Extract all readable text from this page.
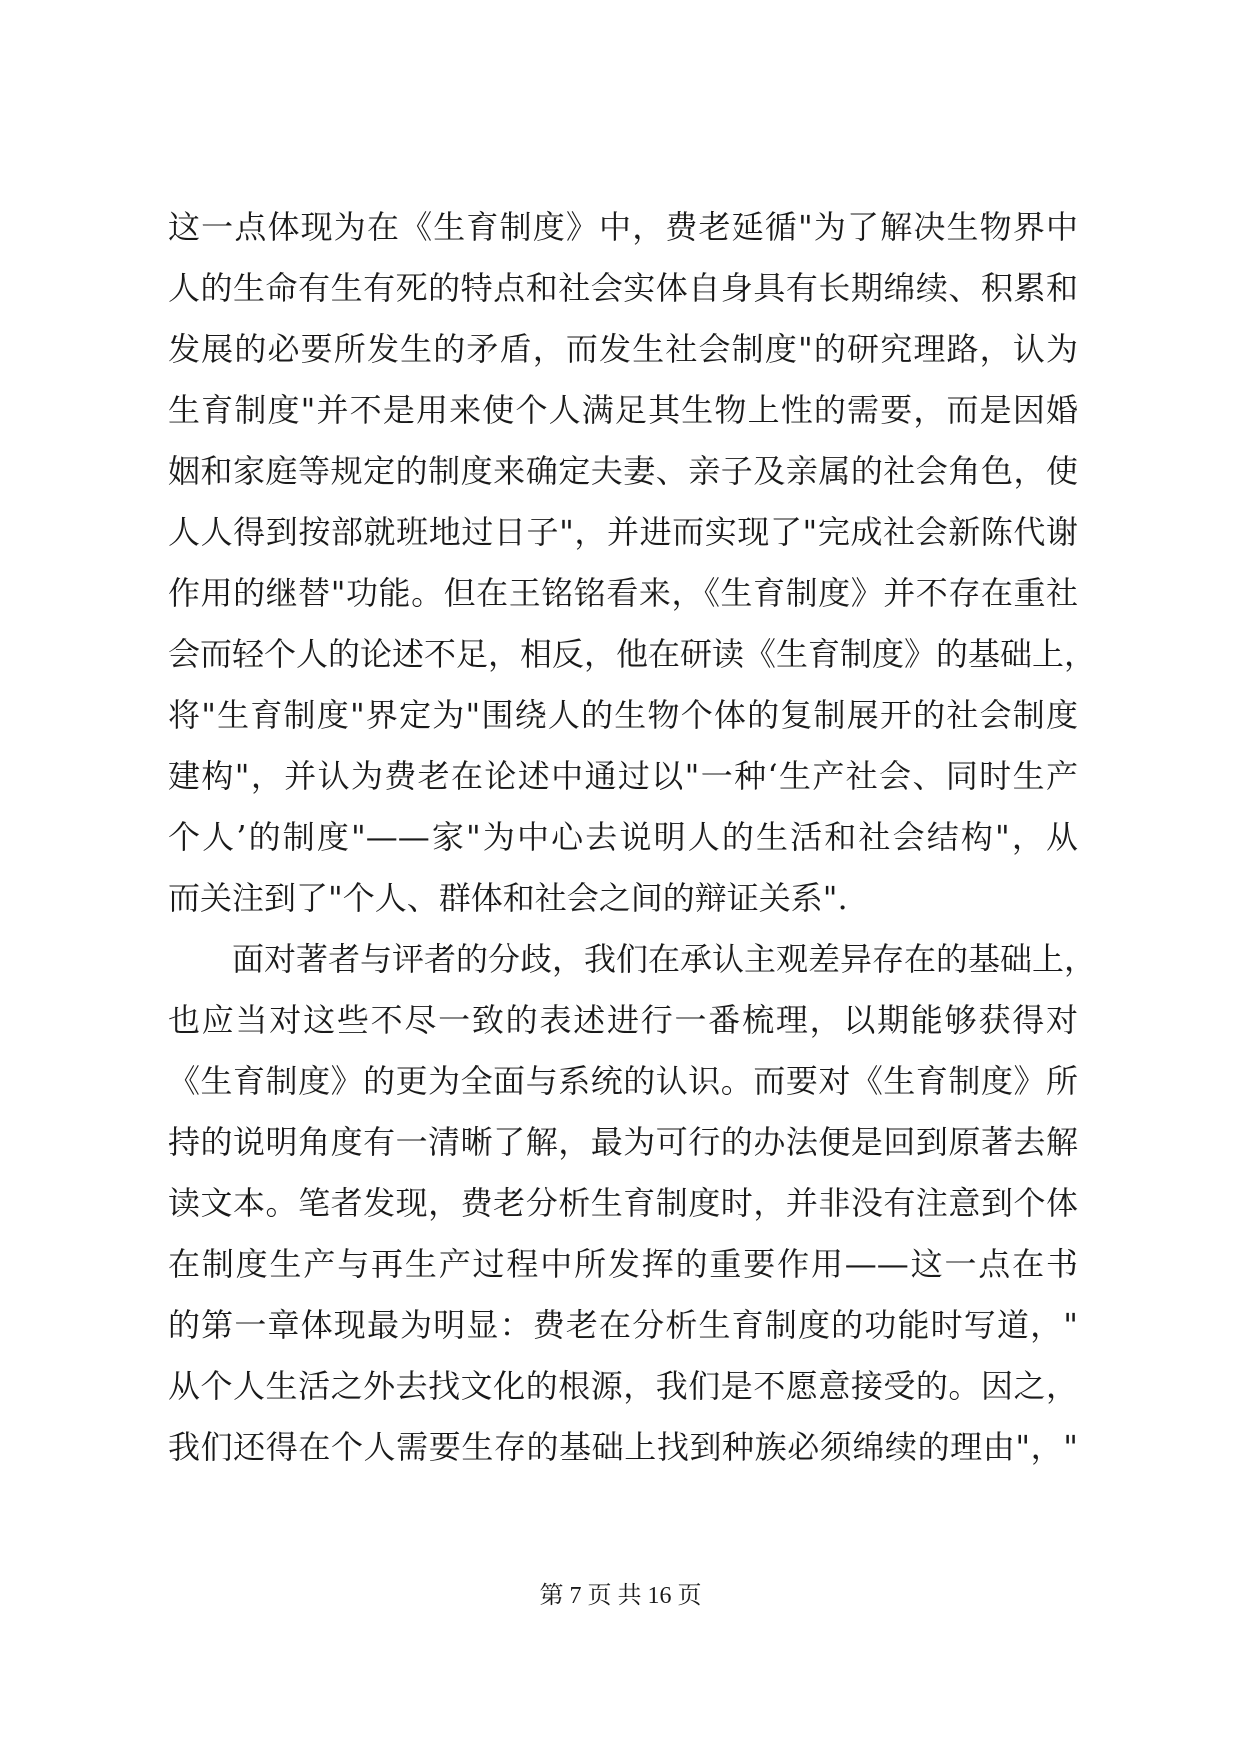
这一点体现为在《生育制度》中，费老延循"为了解决生物界中
人的生命有生有死的特点和社会实体自身具有长期绵续、积累和
发展的必要所发生的矛盾，而发生社会制度"的研究理路，认为
生育制度"并不是用来使个人满足其生物上性的需要，而是因婚
姻和家庭等规定的制度来确定夫妻、亲子及亲属的社会角色，使
人人得到按部就班地过日子"，并进而实现了"完成社会新陈代谢
作用的继替"功能。但在王铭铭看来，《生育制度》并不存在重社
会而轻个人的论述不足，相反，他在研读《生育制度》的基础上，
将"生育制度"界定为"围绕人的生物个体的复制展开的社会制度
建构"，并认为费老在论述中通过以"一种‘生产社会、同时生产
个人’的制度"——家"为中心去说明人的生活和社会结构"，从
而关注到了"个人、群体和社会之间的辩证关系".
面对著者与评者的分歧，我们在承认主观差异存在的基础上，
也应当对这些不尽一致的表述进行一番梳理，以期能够获得对
《生育制度》的更为全面与系统的认识。而要对《生育制度》所
持的说明角度有一清晰了解，最为可行的办法便是回到原著去解
读文本。笔者发现，费老分析生育制度时，并非没有注意到个体
在制度生产与再生产过程中所发挥的重要作用——这一点在书
的第一章体现最为明显：费老在分析生育制度的功能时写道，"
从个人生活之外去找文化的根源，我们是不愿意接受的。因之，
我们还得在个人需要生存的基础上找到种族必须绵续的理由"，"
第 7 页 共 16 页
